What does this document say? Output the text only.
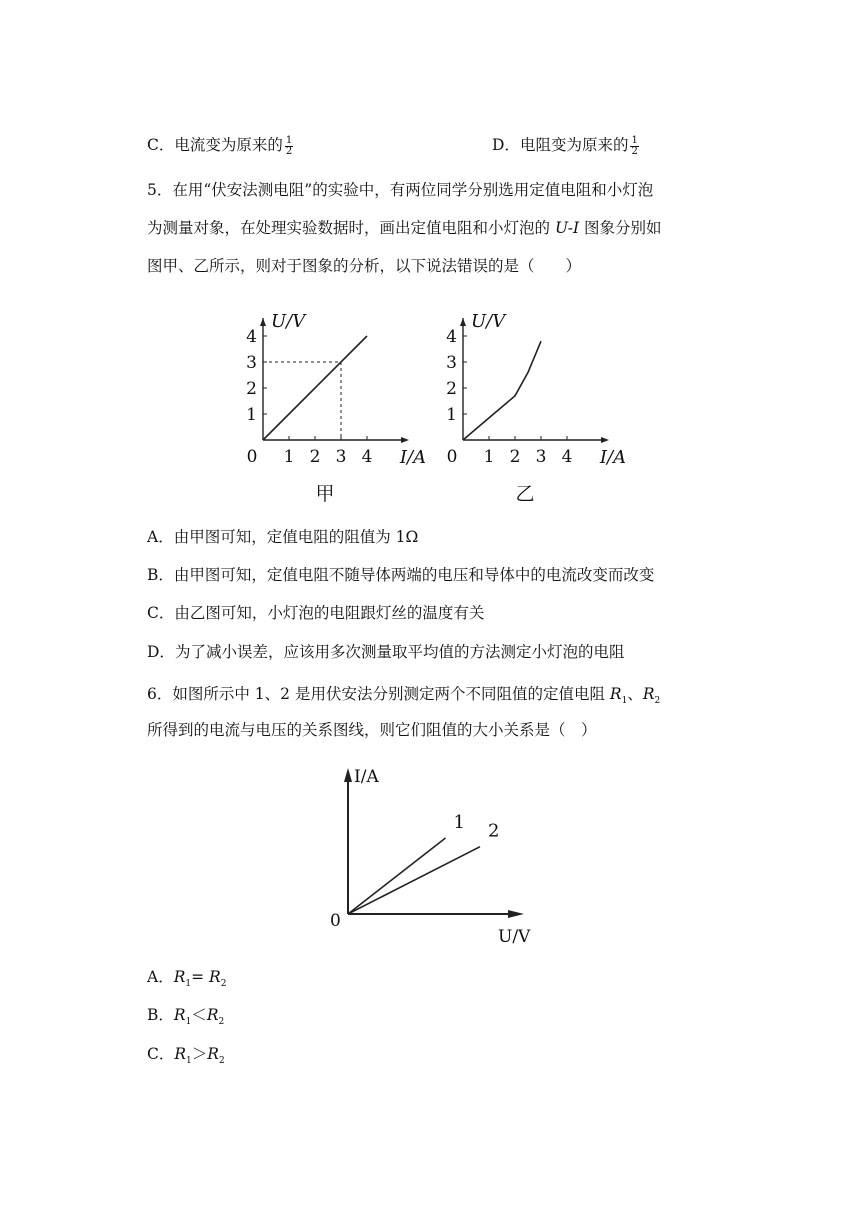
C．电流变为原来的 $\frac{1}{2}$	D．电阻变为原来的 $\frac{1}{2}$
5．在用“伏安法测电阻”的实验中，有两位同学分别选用定值电阻和小灯泡
为测量对象，在处理实验数据时，画出定值电阻和小灯泡的 U-I 图象分别如
图甲、乙所示，则对于图象的分析，以下说法错误的是（　　）
1 2 3 4
1
2
3
4
0	I/A
U/V
甲
1 2 3 4
1
2
3
4
0	I/A
U/V
乙
A．由甲图可知，定值电阻的阻值为 1Ω
B．由甲图可知，定值电阻不随导体两端的电压和导体中的电流改变而改变
C．由乙图可知，小灯泡的电阻跟灯丝的温度有关
D．为了减小误差，应该用多次测量取平均值的方法测定小灯泡的电阻
6．如图所示中 1、2 是用伏安法分别测定两个不同阻值的定值电阻 $R_1$、$R_2$
所得到的电流与电压的关系图线，则它们阻值的大小关系是（　）
0
U/V
I/A
1 2
A．$R_1= R_2$
B．$R_1<R_2$
C．$R_1>R_2$
